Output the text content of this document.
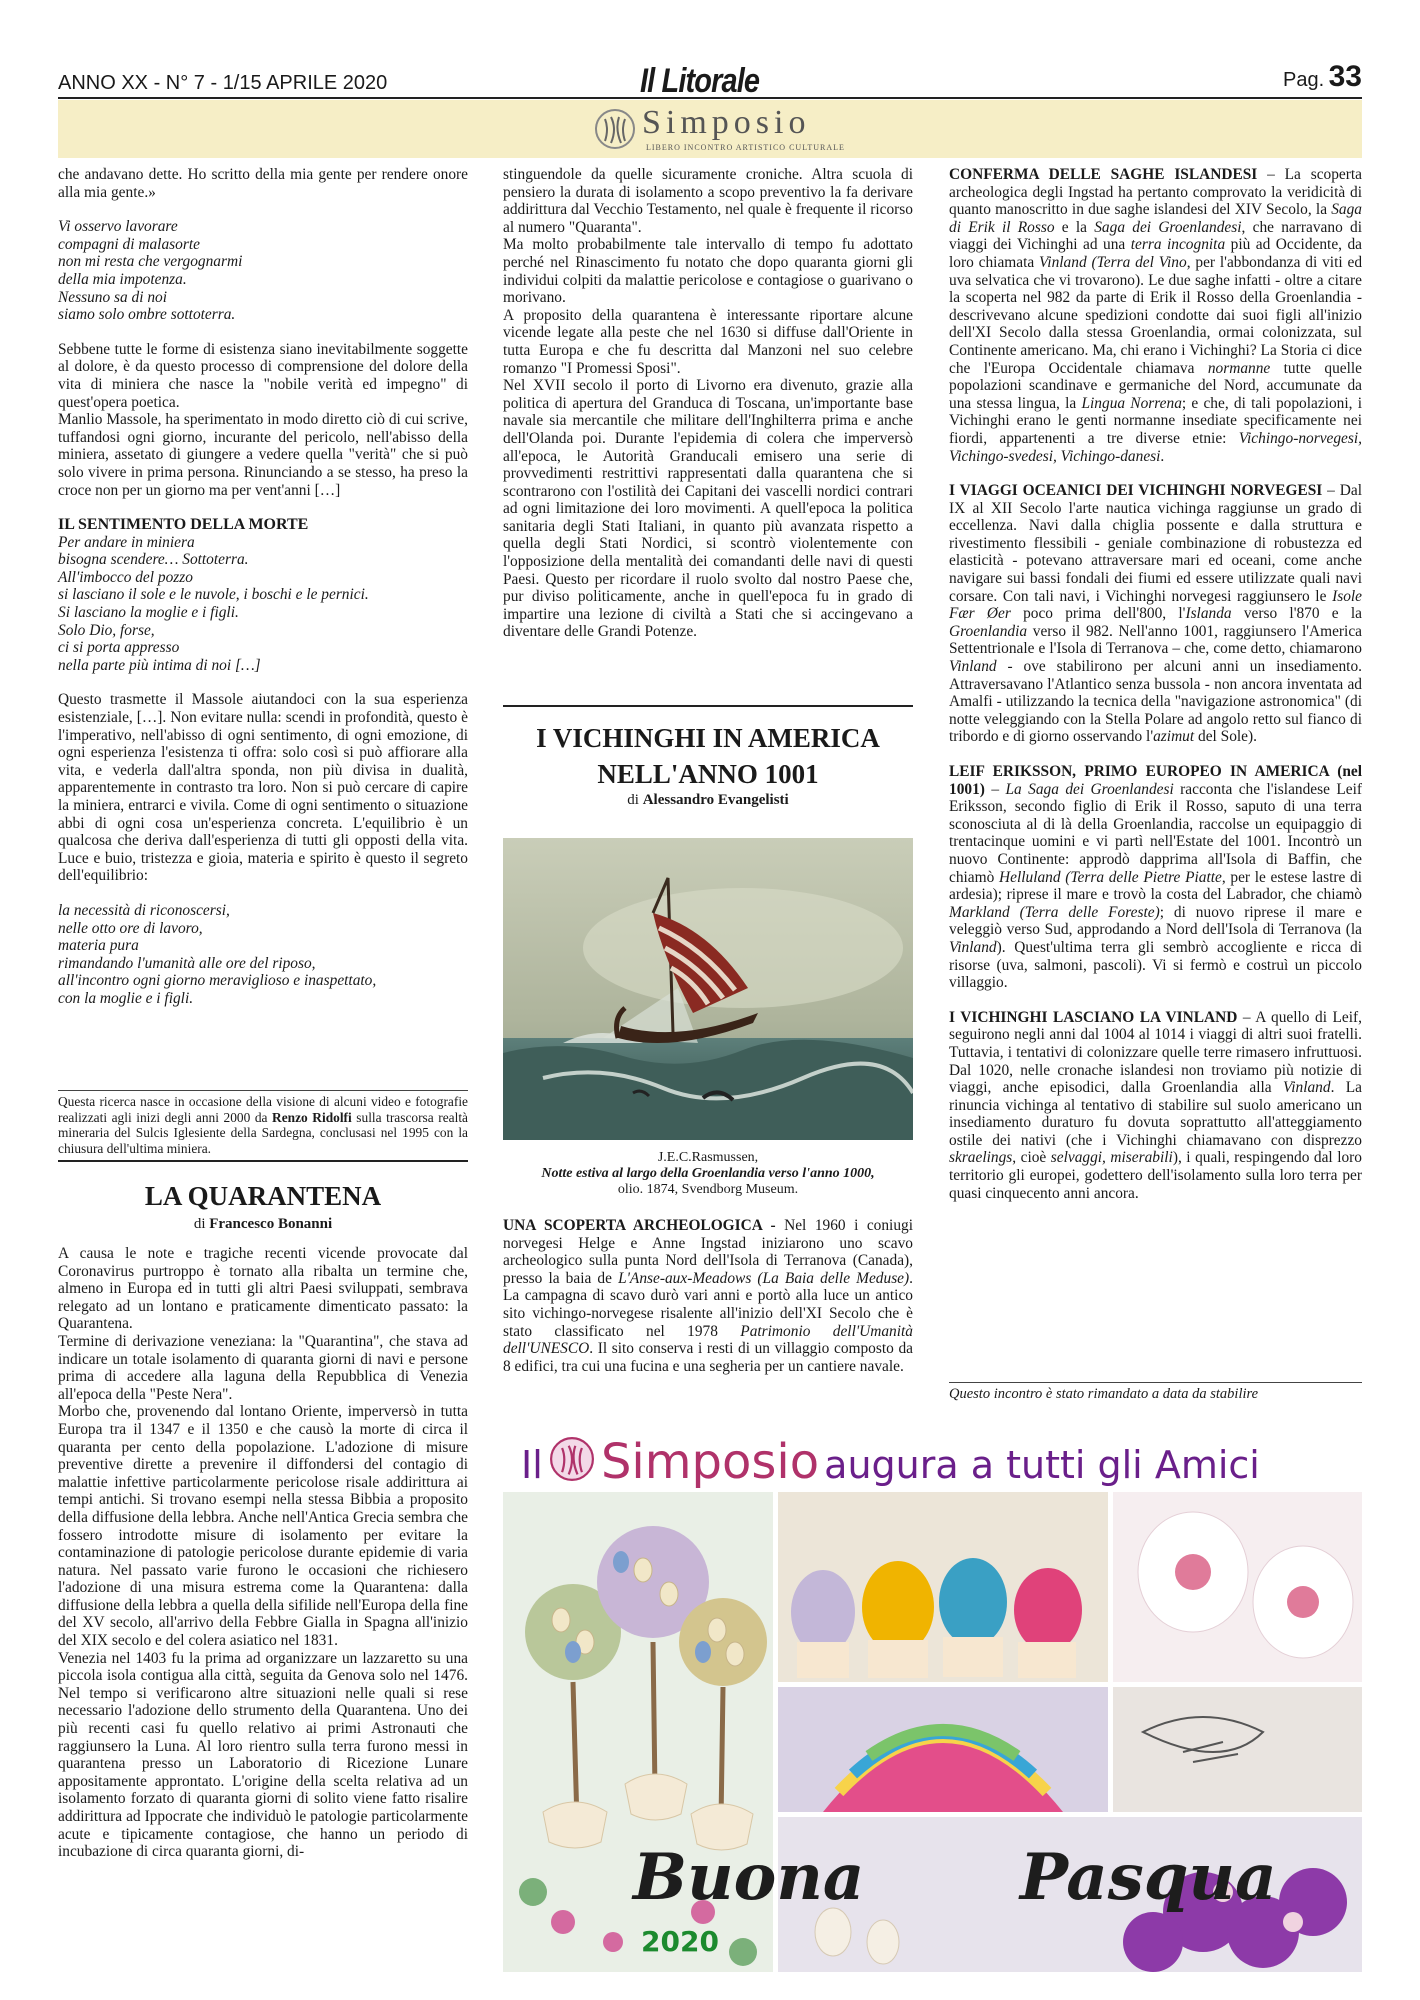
ANNO XX - N° 7 - 1/15 APRILE 2020	Il Litorale	Pag. 33
Simposio
LIBERO INCONTRO ARTISTICO CULTURALE

che andavano dette. Ho scritto della mia gente per rendere onore alla mia gente.»

Vi osservo lavorare
compagni di malasorte
non mi resta che vergognarmi
della mia impotenza.
Nessuno sa di noi
siamo solo ombre sottoterra.

Sebbene tutte le forme di esistenza siano inevitabilmente soggette al dolore, è da questo processo di comprensione del dolore della vita di miniera che nasce la "nobile verità ed impegno" di quest'opera poetica.

Manlio Massole, ha sperimentato in modo diretto ciò di cui scrive, tuffandosi ogni giorno, incurante del pericolo, nell'abisso della miniera, assetato di giungere a vedere quella "verità" che si può solo vivere in prima persona. Rinunciando a se stesso, ha preso la croce non per un giorno ma per vent'anni […]

IL SENTIMENTO DELLA MORTE

Per andare in miniera
bisogna scendere… Sottoterra.
All'imbocco del pozzo
si lasciano il sole e le nuvole, i boschi e le pernici.
Si lasciano la moglie e i figli.
Solo Dio, forse,
ci si porta appresso
nella parte più intima di noi […]

Questo trasmette il Massole aiutandoci con la sua esperienza esistenziale, […]. Non evitare nulla: scendi in profondità, questo è l'imperativo, nell'abisso di ogni sentimento, di ogni emozione, di ogni esperienza l'esistenza ti offra: solo così si può affiorare alla vita, e vederla dall'altra sponda, non più divisa in dualità, apparentemente in contrasto tra loro. Non si può cercare di capire la miniera, entrarci e vivila. Come di ogni sentimento o situazione abbi di ogni cosa un'esperienza concreta. L'equilibrio è un qualcosa che deriva dall'esperienza di tutti gli opposti della vita. Luce e buio, tristezza e gioia, materia e spirito è questo il segreto dell'equilibrio:

la necessità di riconoscersi,
nelle otto ore di lavoro,
materia pura
rimandando l'umanità alle ore del riposo,
all'incontro ogni giorno meraviglioso e inaspettato,
con la moglie e i figli.
Questa ricerca nasce in occasione della visione di alcuni video e fotografie realizzati agli inizi degli anni 2000 da Renzo Ridolfi sulla trascorsa realtà mineraria del Sulcis Iglesiente della Sardegna, conclusasi nel 1995 con la chiusura dell'ultima miniera.
LA QUARANTENA
di Francesco Bonanni

A causa le note e tragiche recenti vicende provocate dal Coronavirus purtroppo è tornato alla ribalta un termine che, almeno in Europa ed in tutti gli altri Paesi sviluppati, sembrava relegato ad un lontano e praticamente dimenticato passato: la Quarantena.

Termine di derivazione veneziana: la "Quarantina", che stava ad indicare un totale isolamento di quaranta giorni di navi e persone prima di accedere alla laguna della Repubblica di Venezia all'epoca della "Peste Nera".

Morbo che, provenendo dal lontano Oriente, imperversò in tutta Europa tra il 1347 e il 1350 e che causò la morte di circa il quaranta per cento della popolazione. L'adozione di misure preventive dirette a prevenire il diffondersi del contagio di malattie infettive particolarmente pericolose risale addirittura ai tempi antichi. Si trovano esempi nella stessa Bibbia a proposito della diffusione della lebbra. Anche nell'Antica Grecia sembra che fossero introdotte misure di isolamento per evitare la contaminazione di patologie pericolose durante epidemie di varia natura. Nel passato varie furono le occasioni che richiesero l'adozione di una misura estrema come la Quarantena: dalla diffusione della lebbra a quella della sifilide nell'Europa della fine del XV secolo, all'arrivo della Febbre Gialla in Spagna all'inizio del XIX secolo e del colera asiatico nel 1831.

Venezia nel 1403 fu la prima ad organizzare un lazzaretto su una piccola isola contigua alla città, seguita da Genova solo nel 1476. Nel tempo si verificarono altre situazioni nelle quali si rese necessario l'adozione dello strumento della Quarantena. Uno dei più recenti casi fu quello relativo ai primi Astronauti che raggiunsero la Luna. Al loro rientro sulla terra furono messi in quarantena presso un Laboratorio di Ricezione Lunare appositamente approntato. L'origine della scelta relativa ad un isolamento forzato di quaranta giorni di solito viene fatto risalire addirittura ad Ippocrate che individuò le patologie particolarmente acute e tipicamente contagiose, che hanno un periodo di incubazione di circa quaranta giorni, di-

stinguendole da quelle sicuramente croniche. Altra scuola di pensiero la durata di isolamento a scopo preventivo la fa derivare addirittura dal Vecchio Testamento, nel quale è frequente il ricorso al numero "Quaranta".

Ma molto probabilmente tale intervallo di tempo fu adottato perché nel Rinascimento fu notato che dopo quaranta giorni gli individui colpiti da malattie pericolose e contagiose o guarivano o morivano.

A proposito della quarantena è interessante riportare alcune vicende legate alla peste che nel 1630 si diffuse dall'Oriente in tutta Europa e che fu descritta dal Manzoni nel suo celebre romanzo "I Promessi Sposi".

Nel XVII secolo il porto di Livorno era divenuto, grazie alla politica di apertura del Granduca di Toscana, un'importante base navale sia mercantile che militare dell'Inghilterra prima e anche dell'Olanda poi. Durante l'epidemia di colera che imperversò all'epoca, le Autorità Granducali emisero una serie di provvedimenti restrittivi rappresentati dalla quarantena che si scontrarono con l'ostilità dei Capitani dei vascelli nordici contrari ad ogni limitazione dei loro movimenti. A quell'epoca la politica sanitaria degli Stati Italiani, in quanto più avanzata rispetto a quella degli Stati Nordici, si scontrò violentemente con l'opposizione della mentalità dei comandanti delle navi di questi Paesi. Questo per ricordare il ruolo svolto dal nostro Paese che, pur diviso politicamente, anche in quell'epoca fu in grado di impartire una lezione di civiltà a Stati che si accingevano a diventare delle Grandi Potenze.

I VICHINGHI IN AMERICA
NELL'ANNO 1001
di Alessandro Evangelisti
J.E.C.Rasmussen,
Notte estiva al largo della Groenlandia verso l'anno 1000,
olio. 1874, Svendborg Museum.

UNA SCOPERTA ARCHEOLOGICA - Nel 1960 i coniugi norvegesi Helge e Anne Ingstad iniziarono uno scavo archeologico sulla punta Nord dell'Isola di Terranova (Canada), presso la baia de L'Anse-aux-Meadows (La Baia delle Meduse). La campagna di scavo durò vari anni e portò alla luce un antico sito vichingo-norvegese risalente all'inizio dell'XI Secolo che è stato classificato nel 1978 Patrimonio dell'Umanità dell'UNESCO. Il sito conserva i resti di un villaggio composto da 8 edifici, tra cui una fucina e una segheria per un cantiere navale.

CONFERMA DELLE SAGHE ISLANDESI – La scoperta archeologica degli Ingstad ha pertanto comprovato la veridicità di quanto manoscritto in due saghe islandesi del XIV Secolo, la Saga di Erik il Rosso e la Saga dei Groenlandesi, che narravano di viaggi dei Vichinghi ad una terra incognita più ad Occidente, da loro chiamata Vinland (Terra del Vino, per l'abbondanza di viti ed uva selvatica che vi trovarono). Le due saghe infatti - oltre a citare la scoperta nel 982 da parte di Erik il Rosso della Groenlandia - descrivevano alcune spedizioni condotte dai suoi figli all'inizio dell'XI Secolo dalla stessa Groenlandia, ormai colonizzata, sul Continente americano. Ma, chi erano i Vichinghi? La Storia ci dice che l'Europa Occidentale chiamava normanne tutte quelle popolazioni scandinave e germaniche del Nord, accumunate da una stessa lingua, la Lingua Norrena; e che, di tali popolazioni, i Vichinghi erano le genti normanne insediate specificamente nei fiordi, appartenenti a tre diverse etnie: Vichingo-norvegesi, Vichingo-svedesi, Vichingo-danesi.

I VIAGGI OCEANICI DEI VICHINGHI NORVEGESI – Dal IX al XII Secolo l'arte nautica vichinga raggiunse un grado di eccellenza. Navi dalla chiglia possente e dalla struttura e rivestimento flessibili - geniale combinazione di robustezza ed elasticità - potevano attraversare mari ed oceani, come anche navigare sui bassi fondali dei fiumi ed essere utilizzate quali navi corsare. Con tali navi, i Vichinghi norvegesi raggiunsero le Isole Fær Øer poco prima dell'800, l'Islanda verso l'870 e la Groenlandia verso il 982. Nell'anno 1001, raggiunsero l'America Settentrionale e l'Isola di Terranova – che, come detto, chiamarono Vinland - ove stabilirono per alcuni anni un insediamento. Attraversavano l'Atlantico senza bussola - non ancora inventata ad Amalfi - utilizzando la tecnica della "navigazione astronomica" (di notte veleggiando con la Stella Polare ad angolo retto sul fianco di tribordo e di giorno osservando l'azimut del Sole).

LEIF ERIKSSON, PRIMO EUROPEO IN AMERICA (nel 1001) – La Saga dei Groenlandesi racconta che l'islandese Leif Eriksson, secondo figlio di Erik il Rosso, saputo di una terra sconosciuta al di là della Groenlandia, raccolse un equipaggio di trentacinque uomini e vi partì nell'Estate del 1001. Incontrò un nuovo Continente: approdò dapprima all'Isola di Baffin, che chiamò Helluland (Terra delle Pietre Piatte, per le estese lastre di ardesia); riprese il mare e trovò la costa del Labrador, che chiamò Markland (Terra delle Foreste); di nuovo riprese il mare e veleggiò verso Sud, approdando a Nord dell'Isola di Terranova (la Vinland). Quest'ultima terra gli sembrò accogliente e ricca di risorse (uva, salmoni, pascoli). Vi si fermò e costruì un piccolo villaggio.

I VICHINGHI LASCIANO LA VINLAND – A quello di Leif, seguirono negli anni dal 1004 al 1014 i viaggi di altri suoi fratelli. Tuttavia, i tentativi di colonizzare quelle terre rimasero infruttuosi. Dal 1020, nelle cronache islandesi non troviamo più notizie di viaggi, anche episodici, dalla Groenlandia alla Vinland. La rinuncia vichinga al tentativo di stabilire sul suolo americano un insediamento duraturo fu dovuta soprattutto all'atteggiamento ostile dei nativi (che i Vichinghi chiamavano con disprezzo skraelings, cioè selvaggi, miserabili), i quali, respingendo dal loro territorio gli europei, godettero dell'isolamento sulla loro terra per quasi cinquecento anni ancora.

Questo incontro è stato rimandato a data da stabilire
Il Simposio augura a tutti gli Amici
Buona Pasqua
2020
